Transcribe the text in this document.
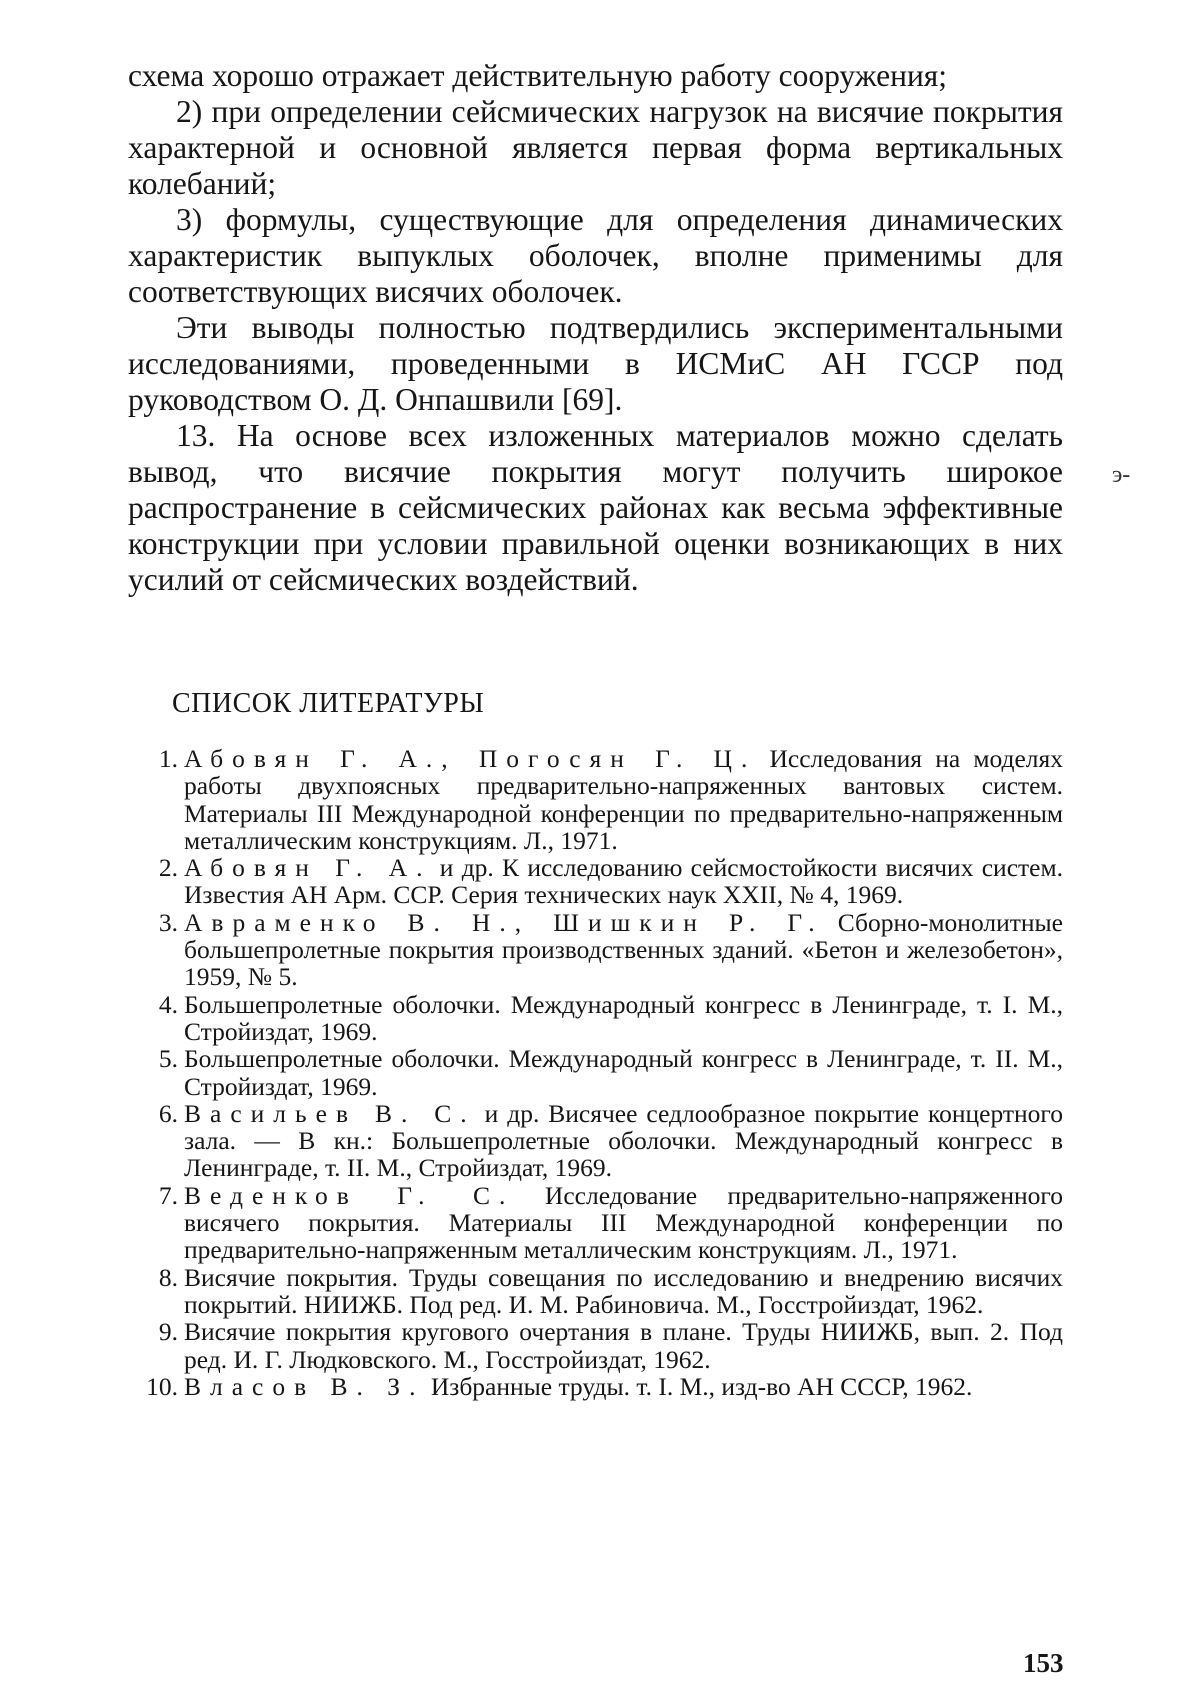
схема хорошо отражает действительную работу сооружения;

2) при определении сейсмических нагрузок на висячие покрытия характерной и основной является первая форма вертикальных колебаний;

3) формулы, существующие для определения динамических характеристик выпуклых оболочек, вполне применимы для соответствующих висячих оболочек.

Эти выводы полностью подтвердились экспериментальными исследованиями, проведенными в ИСМиС АН ГССР под руководством О. Д. Онпашвили [69].

13. На основе всех изложенных материалов можно сделать вывод, что висячие покрытия могут получить широкое распространение в сейсмических районах как весьма эффективные конструкции при условии правильной оценки возникающих в них усилий от сейсмических воздействий.

э-
СПИСОК ЛИТЕРАТУРЫ
1. Абовян Г. А., Погосян Г. Ц. Исследования на моделях работы двухпоясных предварительно-напряженных вантовых систем. Материалы III Международной конференции по предварительно-напряженным металлическим конструкциям. Л., 1971.
2. Абовян Г. А. и др. К исследованию сейсмостойкости висячих систем. Известия АН Арм. ССР. Серия технических наук XXII, № 4, 1969.
3. Авраменко В. Н., Шишкин Р. Г. Сборно-монолитные большепролетные покрытия производственных зданий. «Бетон и железобетон», 1959, № 5.
4. Большепролетные оболочки. Международный конгресс в Ленинграде, т. I. М., Стройиздат, 1969.
5. Большепролетные оболочки. Международный конгресс в Ленинграде, т. II. М., Стройиздат, 1969.
6. Васильев В. С. и др. Висячее седлообразное покрытие концертного зала. — В кн.: Большепролетные оболочки. Международный конгресс в Ленинграде, т. II. М., Стройиздат, 1969.
7. Веденков Г. С. Исследование предварительно-напряженного висячего покрытия. Материалы III Международной конференции по предварительно-напряженным металлическим конструкциям. Л., 1971.
8. Висячие покрытия. Труды совещания по исследованию и внедрению висячих покрытий. НИИЖБ. Под ред. И. М. Рабиновича. М., Госстройиздат, 1962.
9. Висячие покрытия кругового очертания в плане. Труды НИИЖБ, вып. 2. Под ред. И. Г. Людковского. М., Госстройиздат, 1962.
10. Власов В. З. Избранные труды. т. I. М., изд-во АН СССР, 1962.
153
